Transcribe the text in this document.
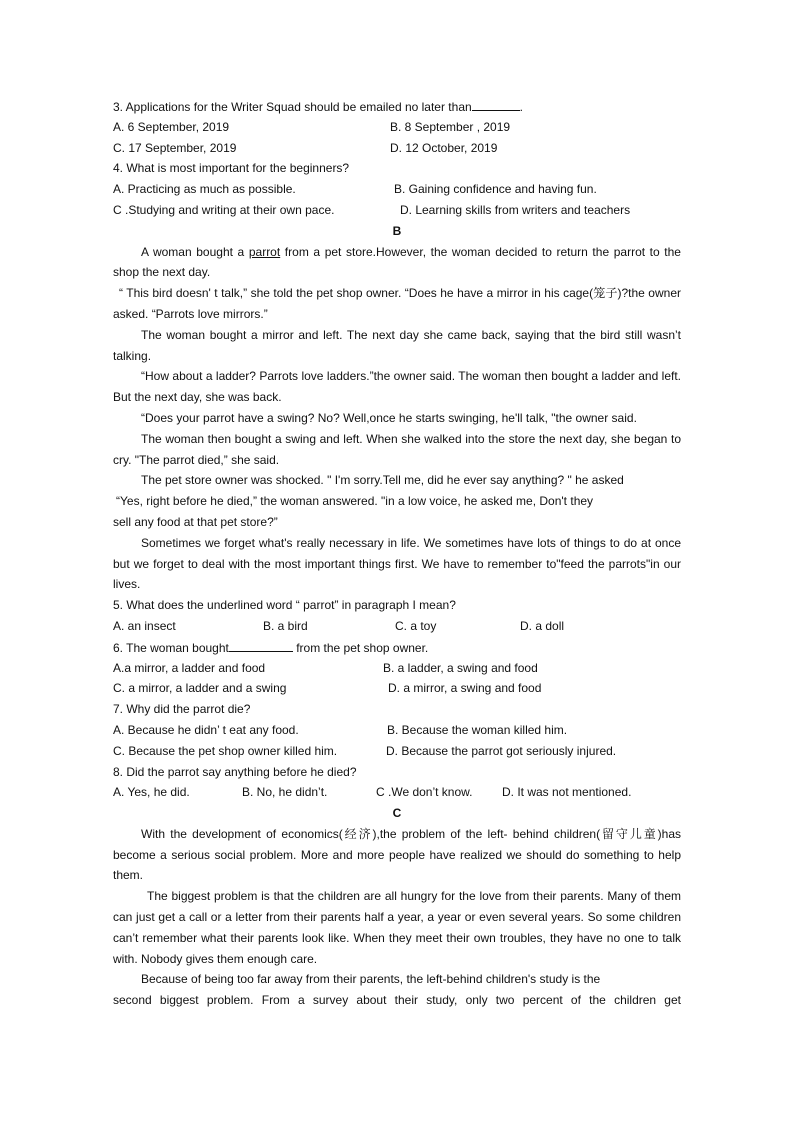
3. Applications for the Writer Squad should be emailed no later than	.
A. 6 September, 2019	B. 8 September , 2019
C. 17 September, 2019	D. 12 October, 2019
4. What is most important for the beginners?
A. Practicing as much as possible.	B. Gaining confidence and having fun.
C .Studying and writing at their own pace.	D. Learning skills from writers and teachers
B
A woman bought a parrot from a pet store.However, the woman decided to return the parrot to the shop the next day.
“ This bird doesn' t talk,” she told the pet shop owner. “Does he have a mirror in his cage(笼子)?the owner asked. “Parrots love mirrors.”
The woman bought a mirror and left. The next day she came back, saying that the bird still wasn’t talking.
“How about a ladder? Parrots love ladders.”the owner said. The woman then bought a ladder and left. But the next day, she was back.
“Does your parrot have a swing? No? Well,once he starts swinging, he'll talk, "the owner said.
The woman then bought a swing and left. When she walked into the store the next day, she began to cry. "The parrot died,” she said.
The pet store owner was shocked. " I'm sorry.Tell me, did he ever say anything? " he asked
“Yes, right before he died,” the woman answered. "in a low voice, he asked me, Don't they
sell any food at that pet store?”
Sometimes we forget what's really necessary in life. We sometimes have lots of things to do at once but we forget to deal with the most important things first. We have to remember to"feed the parrots"in our lives.
5. What does the underlined word “ parrot” in paragraph I mean?
A. an insect	B. a bird	C. a toy	D. a doll
6. The woman bought	from the pet shop owner.
A.a mirror, a ladder and food	B. a ladder, a swing and food
C. a mirror, a ladder and a swing	D. a mirror, a swing and food
7. Why did the parrot die?
A. Because he didn’ t eat any food.	B. Because the woman killed him.
C. Because the pet shop owner killed him.	D. Because the parrot got seriously injured.
8. Did the parrot say anything before he died?
A. Yes, he did.	B. No, he didn’t.	C .We don’t know. D. It was not mentioned.
C
With the development of economics(经济),the problem of the left- behind children(留守儿童)has become a serious social problem. More and more people have realized we should do something to help them.
The biggest problem is that the children are all hungry for the love from their parents. Many of them can just get a call or a letter from their parents half a year, a year or even several years. So some children can’t remember what their parents look like. When they meet their own troubles, they have no one to talk with. Nobody gives them enough care.
Because of being too far away from their parents, the left-behind children's study is the
second biggest problem. From a survey about their study, only two percent of the children get
